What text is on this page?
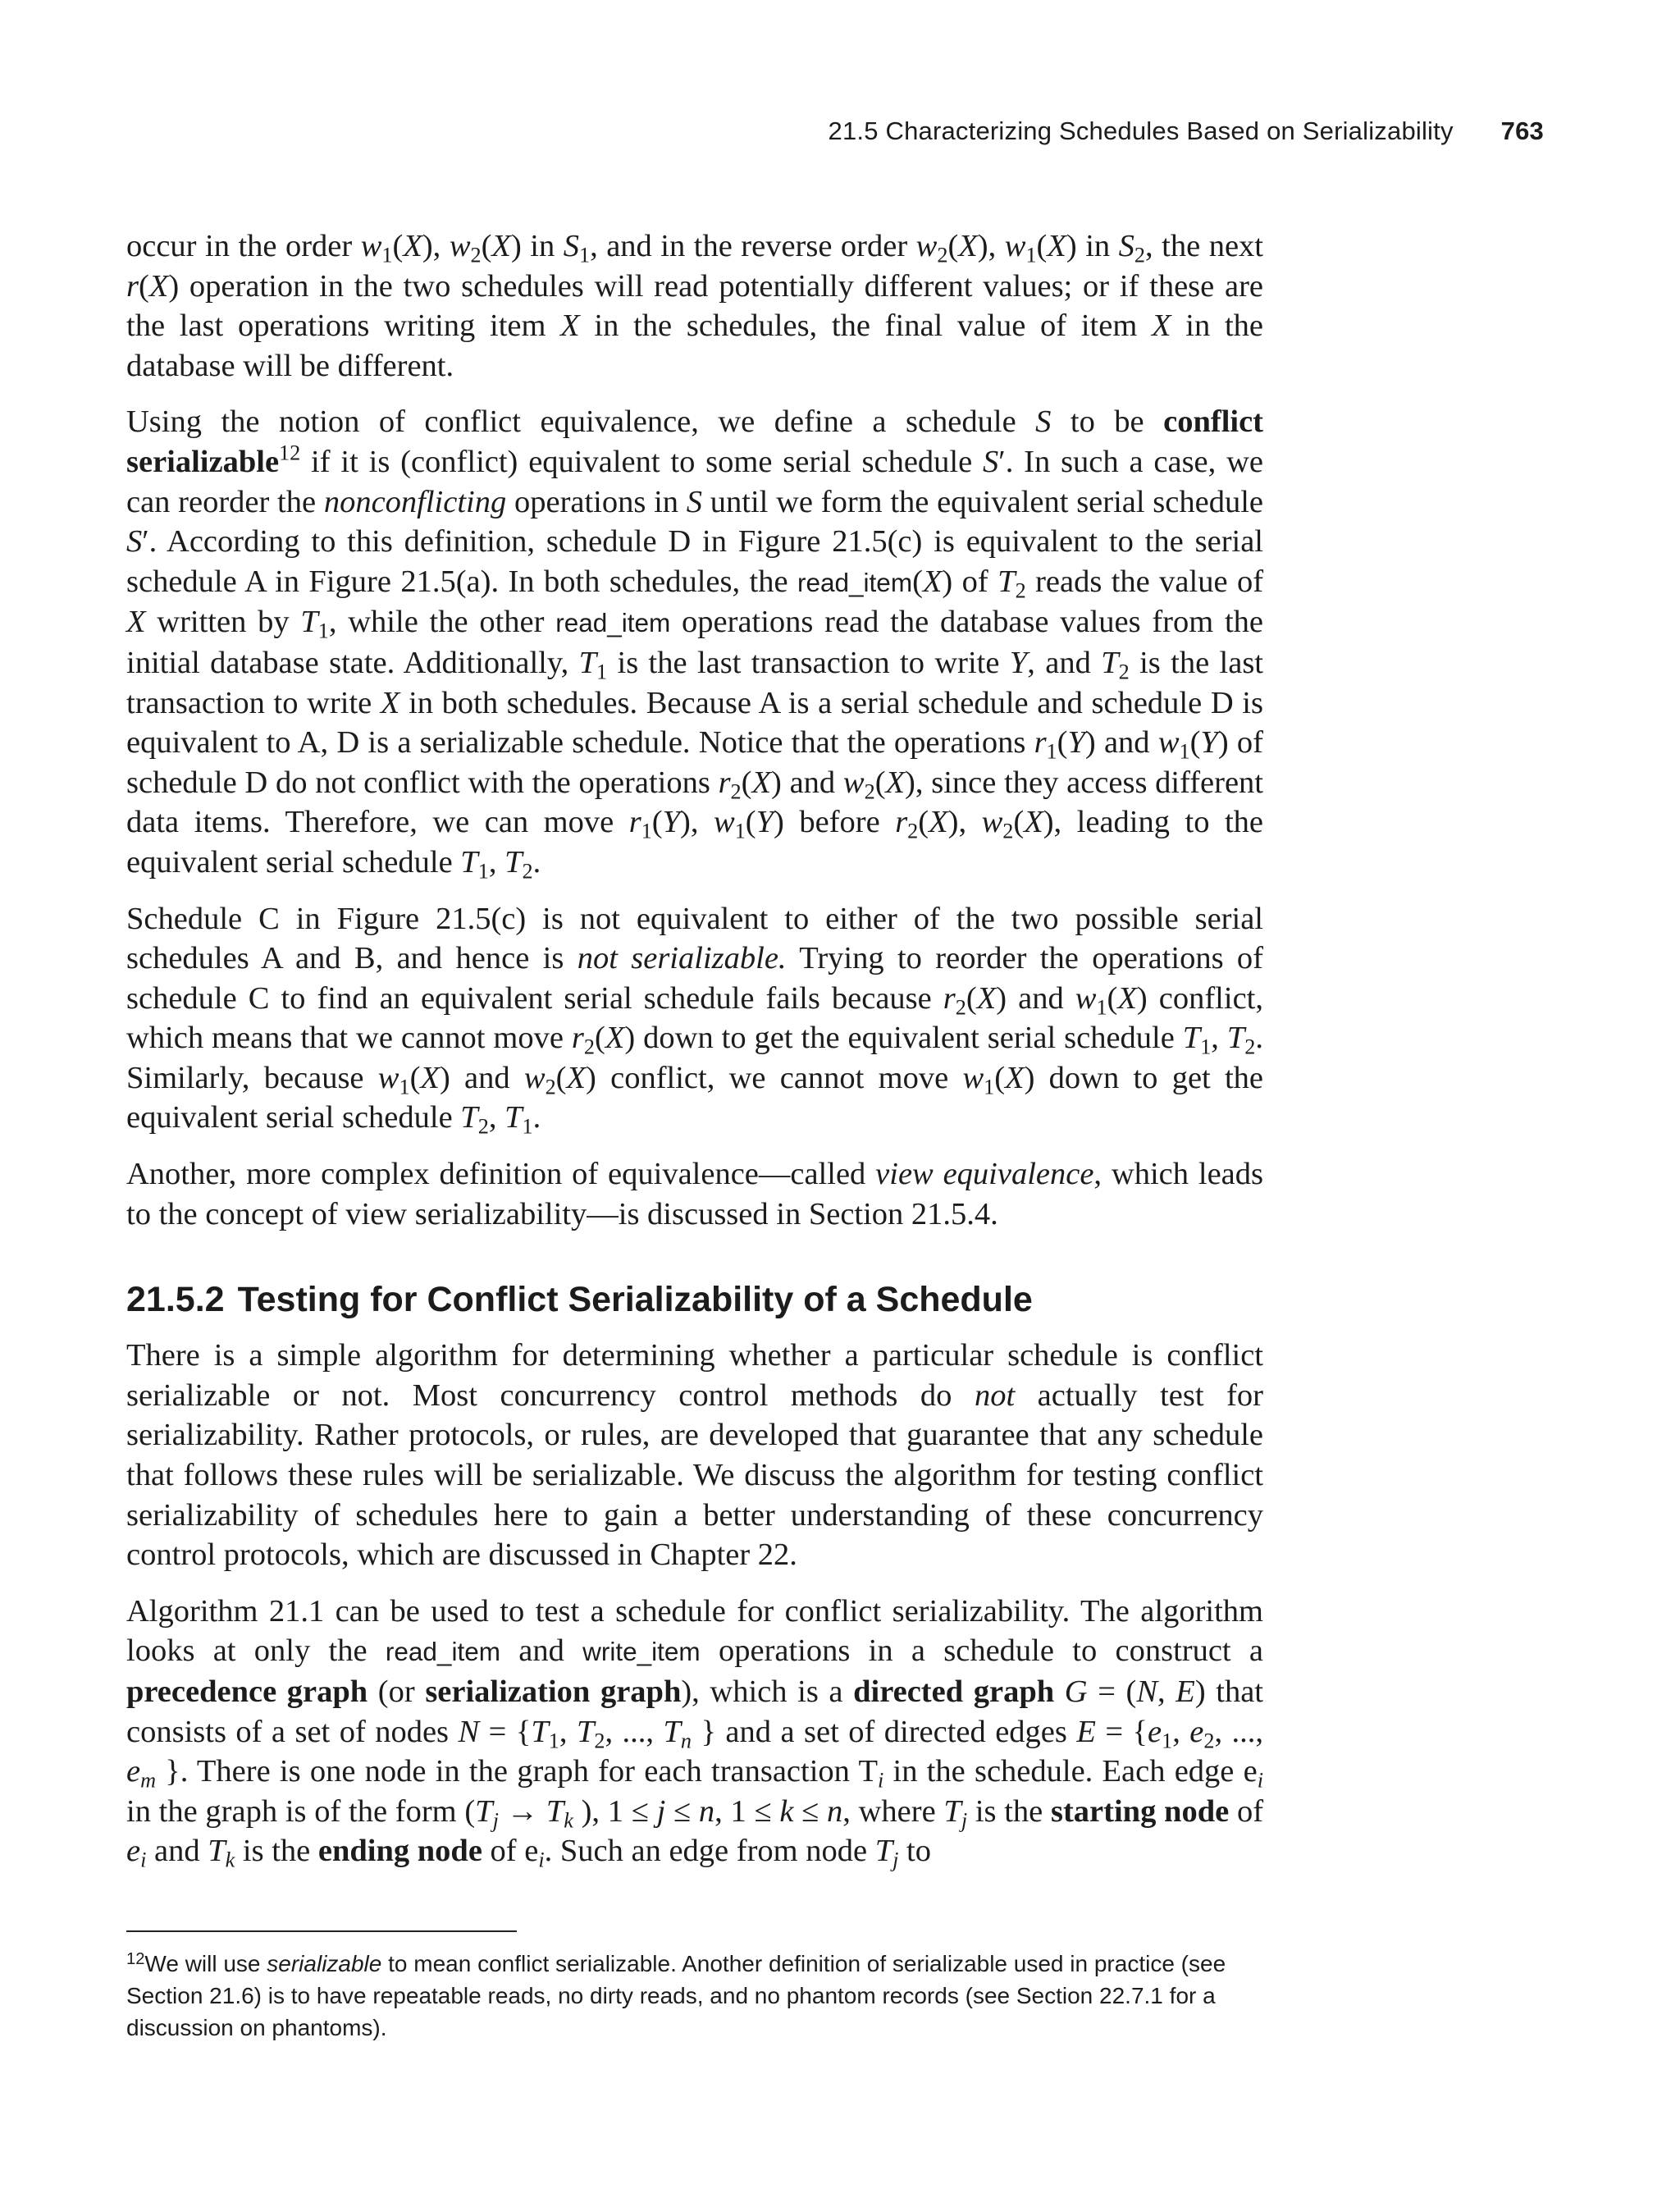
21.5 Characterizing Schedules Based on Serializability 763

occur in the order $w_1(X)$, $w_2(X)$ in $S_1$, and in the reverse order $w_2(X)$, $w_1(X)$ in $S_2$, the next r(X) operation in the two schedules will read potentially different values; or if these are the last operations writing item X in the schedules, the final value of item X in the database will be different.

Using the notion of conflict equivalence, we define a schedule S to be conflict serializable$^{12}$ if it is (conflict) equivalent to some serial schedule S′. In such a case, we can reorder the nonconflicting operations in S until we form the equivalent serial schedule S′. According to this definition, schedule D in Figure 21.5(c) is equivalent to the serial schedule A in Figure 21.5(a). In both schedules, the read_item(X) of $T_2$ reads the value of X written by $T_1$, while the other read_item operations read the database values from the initial database state. Additionally, $T_1$ is the last transaction to write Y, and $T_2$ is the last transaction to write X in both schedules. Because A is a serial schedule and schedule D is equivalent to A, D is a serializable schedule. Notice that the operations $r_1(Y)$ and $w_1(Y)$ of schedule D do not conflict with the operations $r_2(X)$ and $w_2(X)$, since they access different data items. Therefore, we can move $r_1(Y)$, $w_1(Y)$ before $r_2(X)$, $w_2(X)$, leading to the equivalent serial schedule $T_1$, $T_2$.

Schedule C in Figure 21.5(c) is not equivalent to either of the two possible serial schedules A and B, and hence is not serializable. Trying to reorder the operations of schedule C to find an equivalent serial schedule fails because $r_2(X)$ and $w_1(X)$ conflict, which means that we cannot move $r_2(X)$ down to get the equivalent serial schedule $T_1$, $T_2$. Similarly, because $w_1(X)$ and $w_2(X)$ conflict, we cannot move $w_1(X)$ down to get the equivalent serial schedule $T_2$, $T_1$.

Another, more complex definition of equivalence—called view equivalence, which leads to the concept of view serializability—is discussed in Section 21.5.4.

21.5.2 Testing for Conflict Serializability of a Schedule

There is a simple algorithm for determining whether a particular schedule is conflict serializable or not. Most concurrency control methods do not actually test for serializability. Rather protocols, or rules, are developed that guarantee that any schedule that follows these rules will be serializable. We discuss the algorithm for testing conflict serializability of schedules here to gain a better understanding of these concurrency control protocols, which are discussed in Chapter 22.

Algorithm 21.1 can be used to test a schedule for conflict serializability. The algorithm looks at only the read_item and write_item operations in a schedule to construct a precedence graph (or serialization graph), which is a directed graph G = (N, E) that consists of a set of nodes $N = \{T_1$, $T_2$, ..., $T_n$ } and a set of directed edges $E = \{e_1$, $e_2$, ..., $e_m$ }. There is one node in the graph for each transaction $T_i$ in the schedule. Each edge $e_i$ in the graph is of the form ($T_j \to T_k$ ), 1 ≤ j ≤ n, 1 ≤ k ≤ n, where $T_j$ is the starting node of $e_i$ and $T_k$ is the ending node of $e_i$. Such an edge from node $T_j$ to

$^{12}$We will use serializable to mean conflict serializable. Another definition of serializable used in practice (see Section 21.6) is to have repeatable reads, no dirty reads, and no phantom records (see Section 22.7.1 for a discussion on phantoms).
